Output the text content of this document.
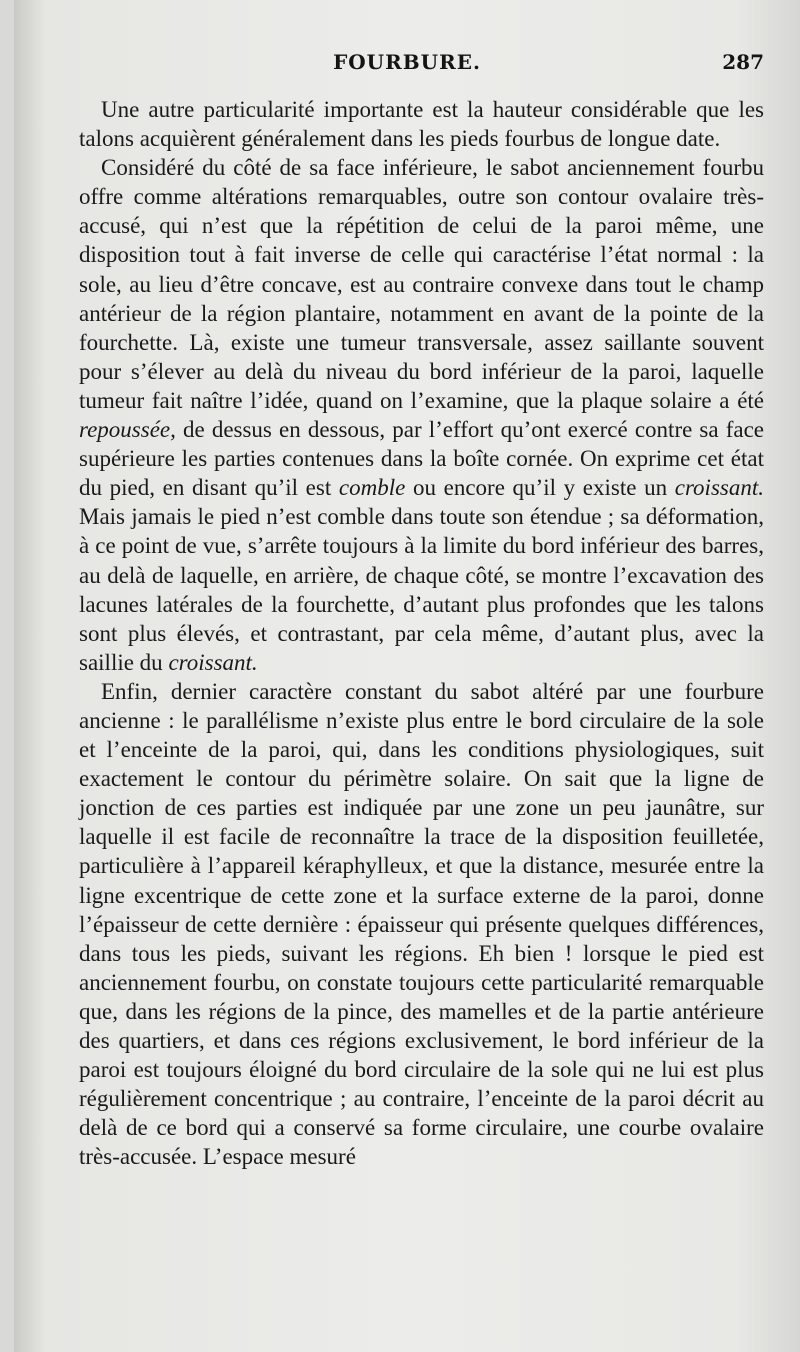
FOURBURE.	287

Une autre particularité importante est la hauteur considérable que les talons acquièrent généralement dans les pieds fourbus de longue date.

Considéré du côté de sa face inférieure, le sabot anciennement fourbu offre comme altérations remarquables, outre son contour ovalaire très-accusé, qui n’est que la répétition de celui de la paroi même, une disposition tout à fait inverse de celle qui caractérise l’état normal : la sole, au lieu d’être concave, est au contraire convexe dans tout le champ antérieur de la région plantaire, notamment en avant de la pointe de la fourchette. Là, existe une tumeur transversale, assez saillante souvent pour s’élever au delà du niveau du bord inférieur de la paroi, laquelle tumeur fait naître l’idée, quand on l’examine, que la plaque solaire a été repoussée, de dessus en dessous, par l’effort qu’ont exercé contre sa face supérieure les parties contenues dans la boîte cornée. On exprime cet état du pied, en disant qu’il est comble ou encore qu’il y existe un croissant. Mais jamais le pied n’est comble dans toute son étendue ; sa déformation, à ce point de vue, s’arrête toujours à la limite du bord inférieur des barres, au delà de laquelle, en arrière, de chaque côté, se montre l’excavation des lacunes latérales de la fourchette, d’autant plus profondes que les talons sont plus élevés, et contrastant, par cela même, d’autant plus, avec la saillie du croissant.

Enfin, dernier caractère constant du sabot altéré par une fourbure ancienne : le parallélisme n’existe plus entre le bord circulaire de la sole et l’enceinte de la paroi, qui, dans les conditions physiologiques, suit exactement le contour du périmètre solaire. On sait que la ligne de jonction de ces parties est indiquée par une zone un peu jaunâtre, sur laquelle il est facile de reconnaître la trace de la disposition feuilletée, particulière à l’appareil kéraphylleux, et que la distance, mesurée entre la ligne excentrique de cette zone et la surface externe de la paroi, donne l’épaisseur de cette dernière : épaisseur qui présente quelques différences, dans tous les pieds, suivant les régions. Eh bien ! lorsque le pied est anciennement fourbu, on constate toujours cette particularité remarquable que, dans les régions de la pince, des mamelles et de la partie antérieure des quartiers, et dans ces régions exclusivement, le bord inférieur de la paroi est toujours éloigné du bord circulaire de la sole qui ne lui est plus régulièrement concentrique ; au contraire, l’enceinte de la paroi décrit au delà de ce bord qui a conservé sa forme circulaire, une courbe ovalaire très-accusée. L’espace mesuré
